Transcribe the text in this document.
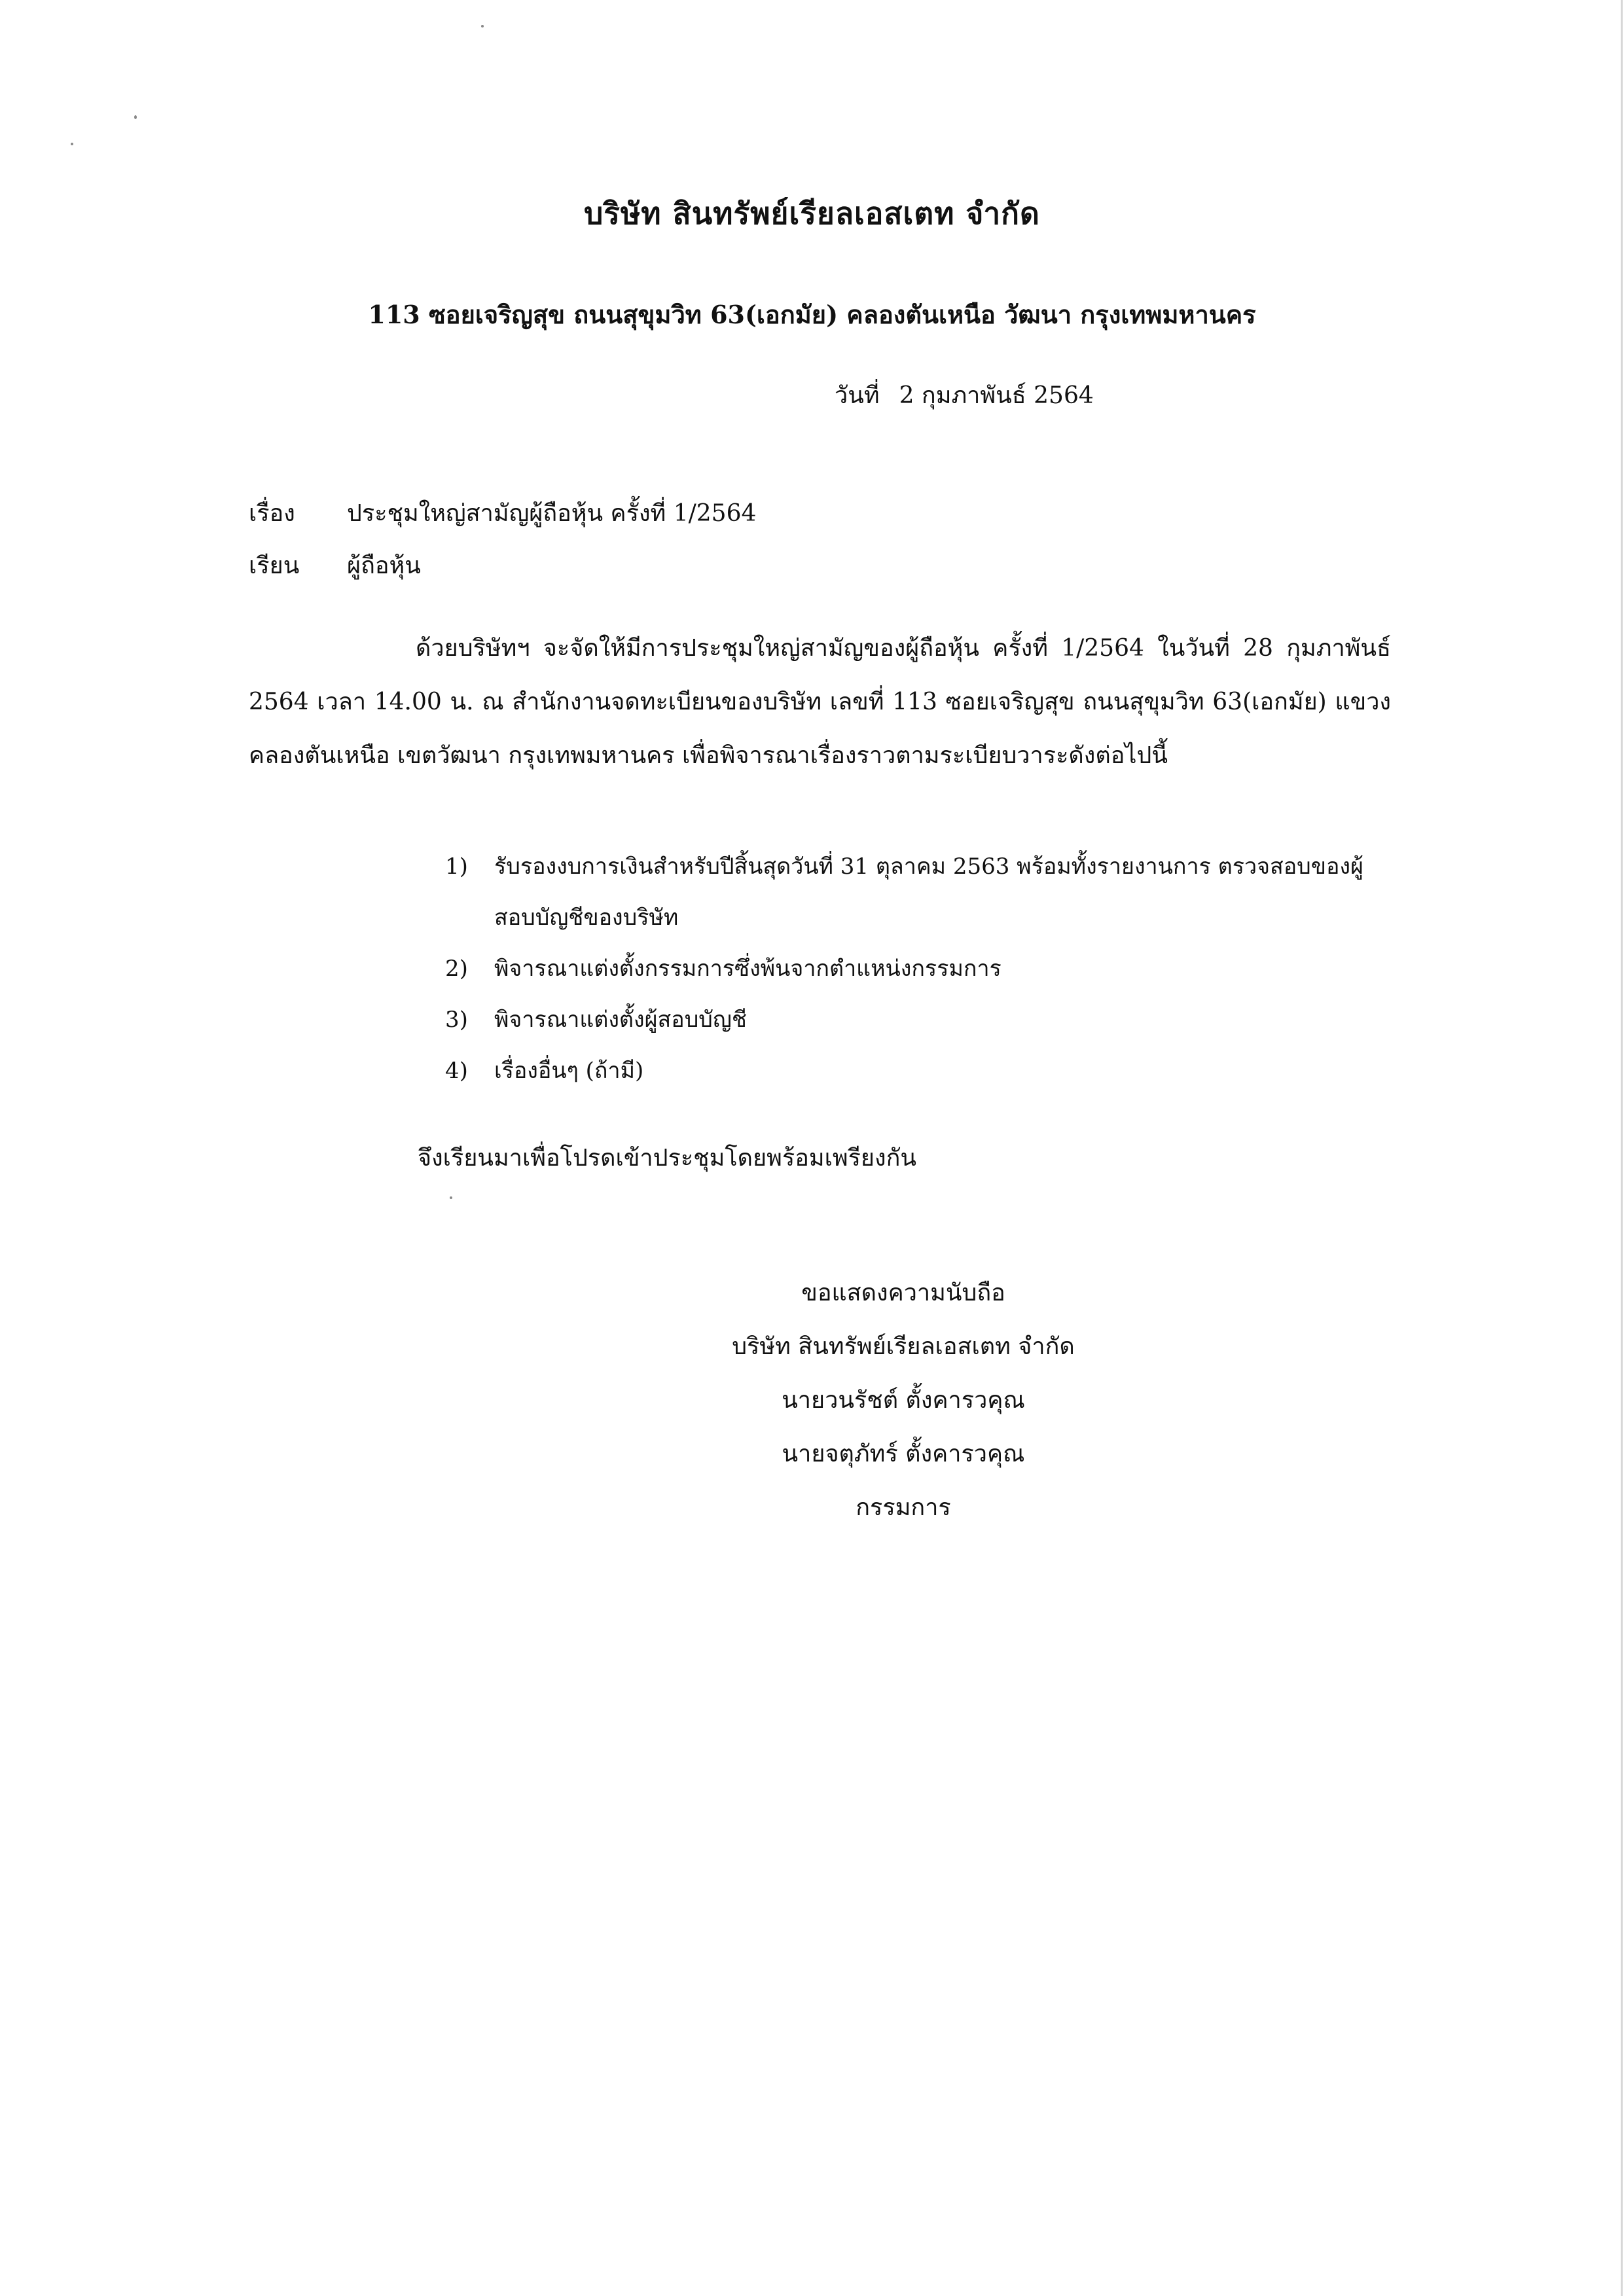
บริษัท สินทรัพย์เรียลเอสเตท จำกัด
113 ซอยเจริญสุข ถนนสุขุมวิท 63(เอกมัย) คลองตันเหนือ วัฒนา กรุงเทพมหานคร
วันที่ 2 กุมภาพันธ์ 2564
เรื่อง ประชุมใหญ่สามัญผู้ถือหุ้น ครั้งที่ 1/2564
เรียน ผู้ถือหุ้น
ด้วยบริษัทฯ จะจัดให้มีการประชุมใหญ่สามัญของผู้ถือหุ้น ครั้งที่ 1/2564 ในวันที่ 28 กุมภาพันธ์ 2564 เวลา 14.00 น. ณ สำนักงานจดทะเบียนของบริษัท เลขที่ 113 ซอยเจริญสุข ถนนสุขุมวิท 63(เอกมัย) แขวงคลองตันเหนือ เขตวัฒนา กรุงเทพมหานคร เพื่อพิจารณาเรื่องราวตามระเบียบวาระดังต่อไปนี้
1) รับรองงบการเงินสำหรับปีสิ้นสุดวันที่ 31 ตุลาคม 2563 พร้อมทั้งรายงานการ ตรวจสอบของผู้สอบบัญชีของบริษัท
2) พิจารณาแต่งตั้งกรรมการซึ่งพ้นจากตำแหน่งกรรมการ
3) พิจารณาแต่งตั้งผู้สอบบัญชี
4) เรื่องอื่นๆ (ถ้ามี)
จึงเรียนมาเพื่อโปรดเข้าประชุมโดยพร้อมเพรียงกัน
ขอแสดงความนับถือ
บริษัท สินทรัพย์เรียลเอสเตท จำกัด
นายวนรัชต์ ตั้งคารวคุณ
นายจตุภัทร์ ตั้งคารวคุณ
กรรมการ
